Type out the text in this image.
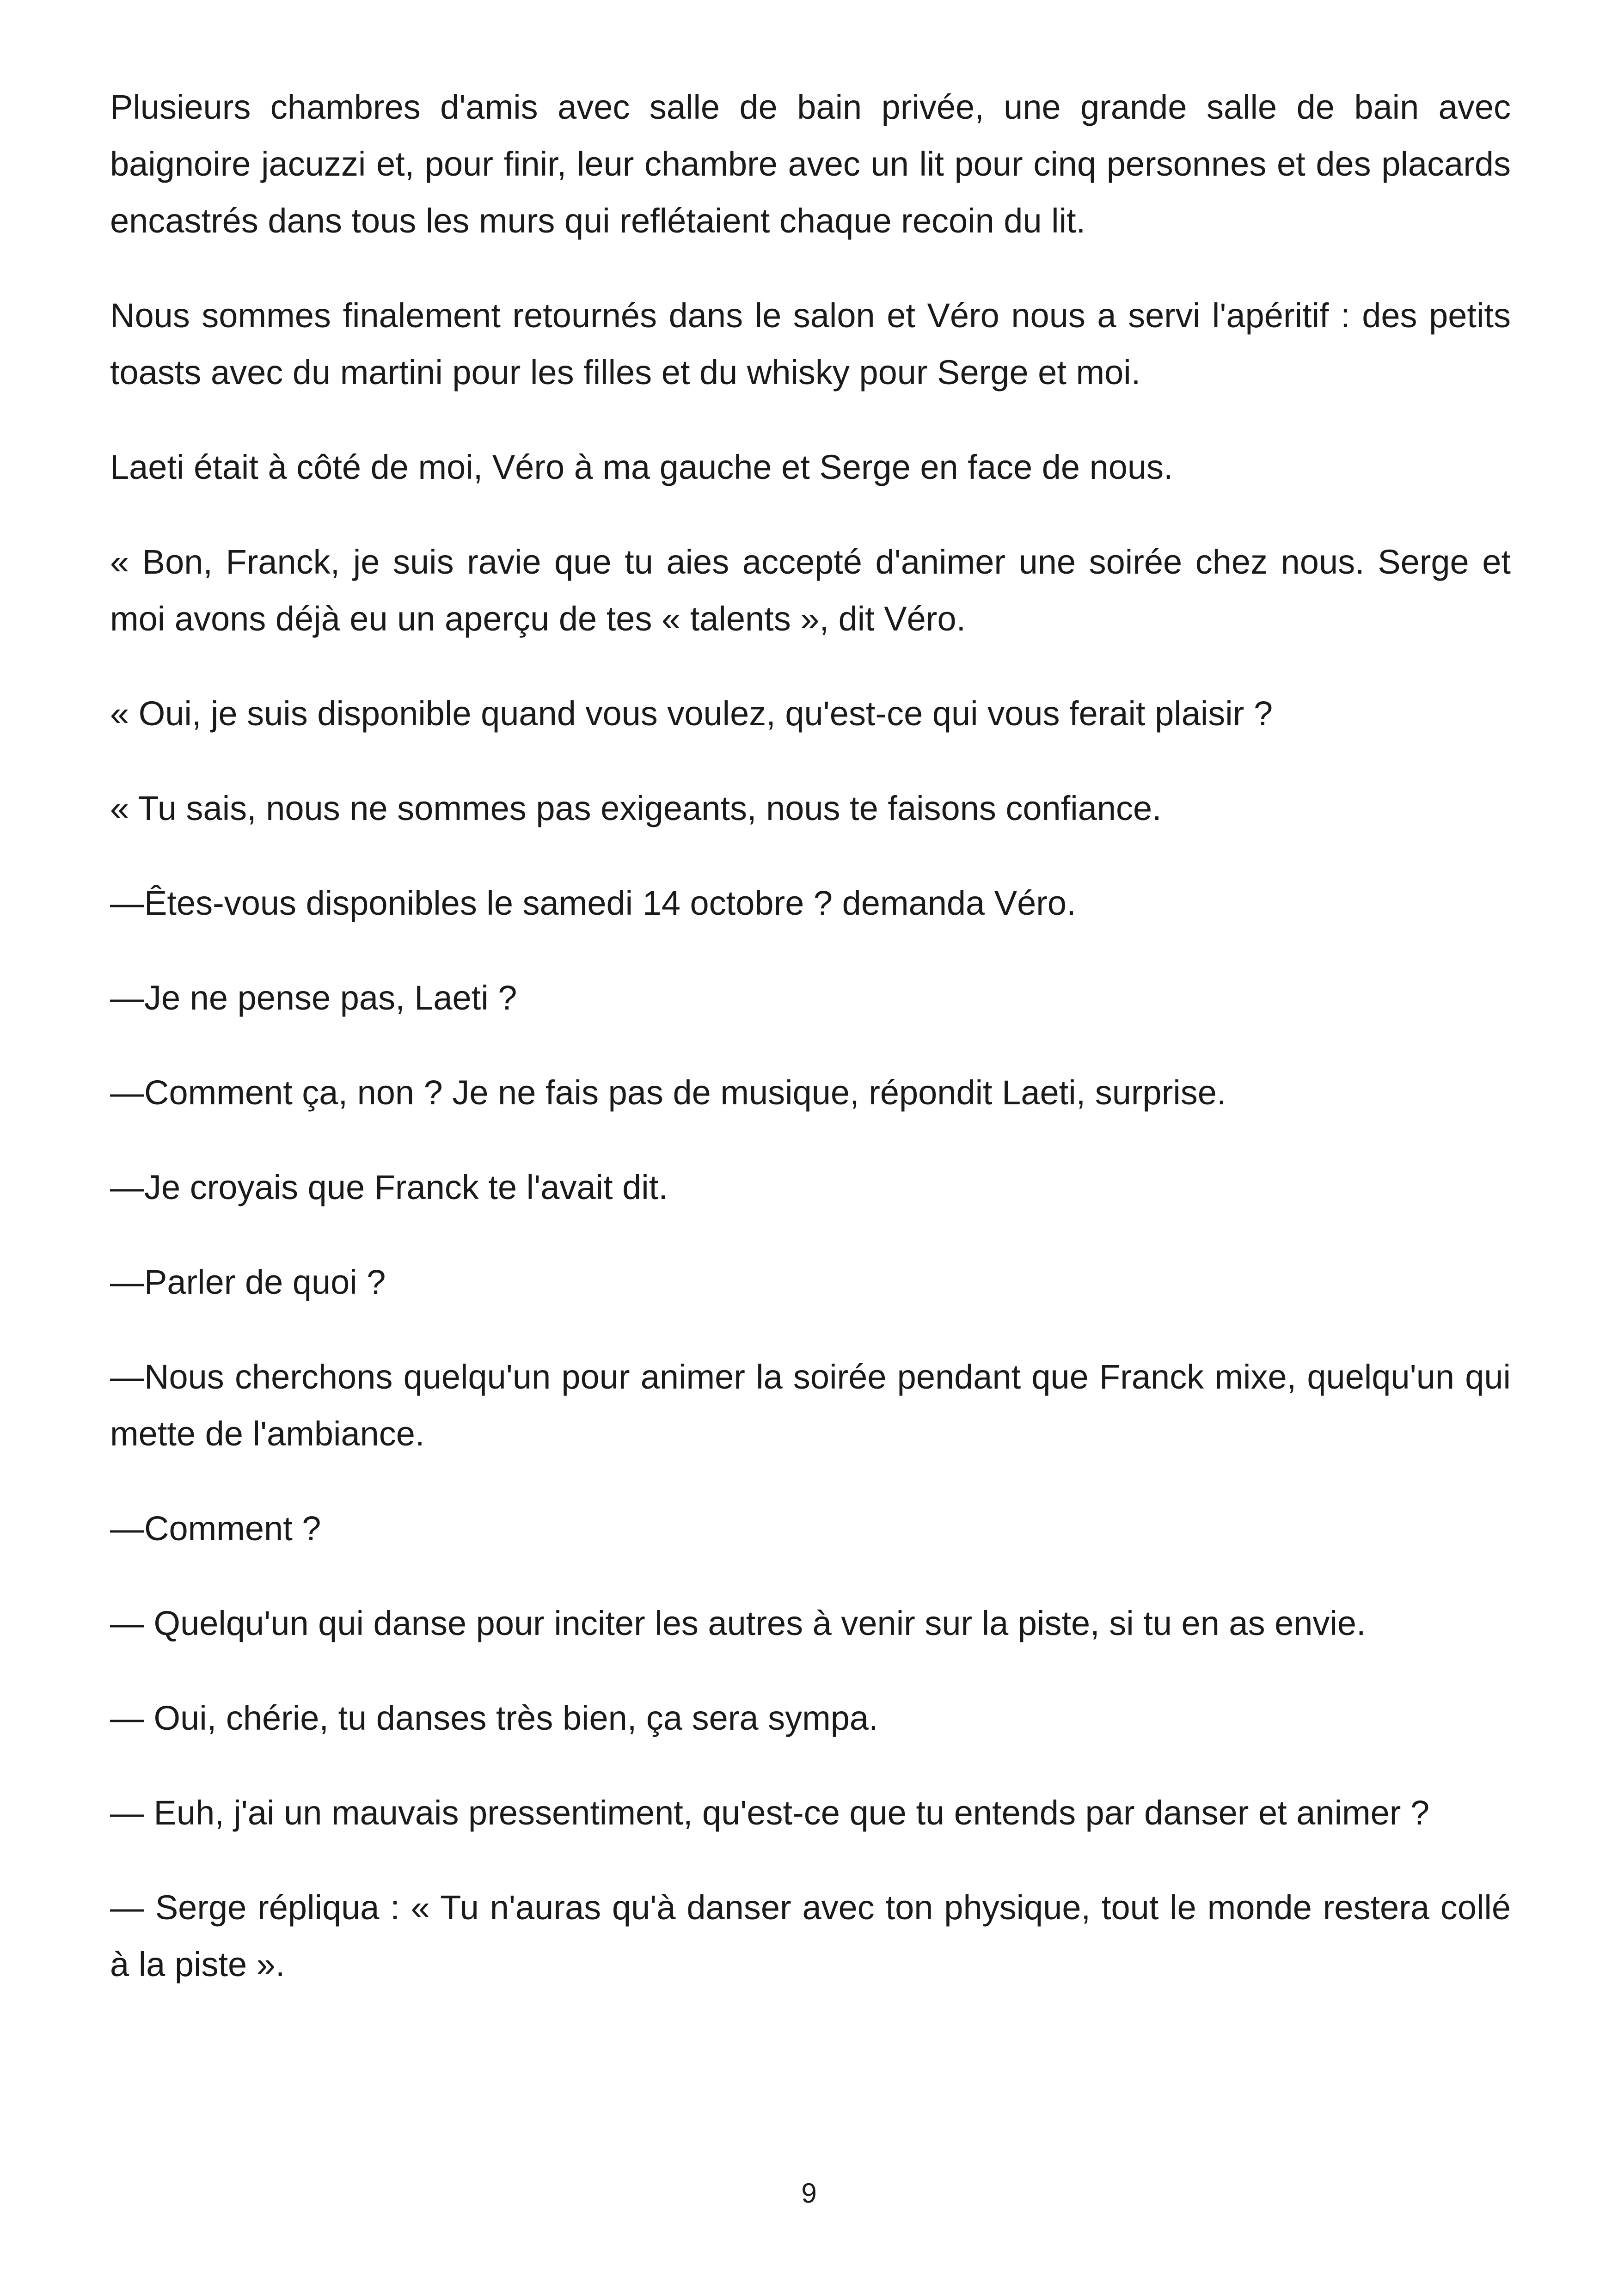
Plusieurs chambres d'amis avec salle de bain privée, une grande salle de bain avec baignoire jacuzzi et, pour finir, leur chambre avec un lit pour cinq personnes et des placards encastrés dans tous les murs qui reflétaient chaque recoin du lit.

Nous sommes finalement retournés dans le salon et Véro nous a servi l'apéritif : des petits toasts avec du martini pour les filles et du whisky pour Serge et moi.

Laeti était à côté de moi, Véro à ma gauche et Serge en face de nous.

« Bon, Franck, je suis ravie que tu aies accepté d'animer une soirée chez nous. Serge et moi avons déjà eu un aperçu de tes « talents », dit Véro.

« Oui, je suis disponible quand vous voulez, qu'est-ce qui vous ferait plaisir ?

« Tu sais, nous ne sommes pas exigeants, nous te faisons confiance.

—Êtes-vous disponibles le samedi 14 octobre ? demanda Véro.

—Je ne pense pas, Laeti ?

—Comment ça, non ? Je ne fais pas de musique, répondit Laeti, surprise.

—Je croyais que Franck te l'avait dit.

—Parler de quoi ?

—Nous cherchons quelqu'un pour animer la soirée pendant que Franck mixe, quelqu'un qui mette de l'ambiance.

—Comment ?

— Quelqu'un qui danse pour inciter les autres à venir sur la piste, si tu en as envie.

— Oui, chérie, tu danses très bien, ça sera sympa.

— Euh, j'ai un mauvais pressentiment, qu'est-ce que tu entends par danser et animer ?

— Serge répliqua : « Tu n'auras qu'à danser avec ton physique, tout le monde restera collé à la piste ».

9
